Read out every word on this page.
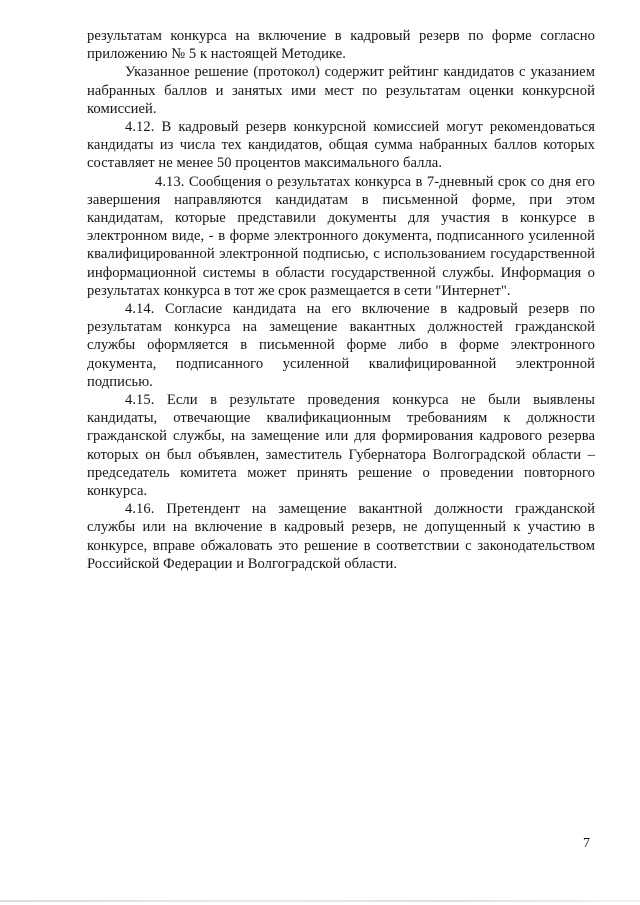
результатам конкурса на включение в кадровый резерв по форме согласно приложению № 5 к настоящей Методике.

Указанное решение (протокол) содержит рейтинг кандидатов с указанием набранных баллов и занятых ими мест по результатам оценки конкурсной комиссией.

4.12. В кадровый резерв конкурсной комиссией могут рекомендоваться кандидаты из числа тех кандидатов, общая сумма набранных баллов которых составляет не менее 50 процентов максимального балла.

4.13. Сообщения о результатах конкурса в 7-дневный срок со дня его завершения направляются кандидатам в письменной форме, при этом кандидатам, которые представили документы для участия в конкурсе в электронном виде, - в форме электронного документа, подписанного усиленной квалифицированной электронной подписью, с использованием государственной информационной системы в области государственной службы. Информация о результатах конкурса в тот же срок размещается в сети "Интернет".

4.14. Согласие кандидата на его включение в кадровый резерв по результатам конкурса на замещение вакантных должностей гражданской службы оформляется в письменной форме либо в форме электронного документа, подписанного усиленной квалифицированной электронной подписью.

4.15. Если в результате проведения конкурса не были выявлены кандидаты, отвечающие квалификационным требованиям к должности гражданской службы, на замещение или для формирования кадрового резерва которых он был объявлен, заместитель Губернатора Волгоградской области – председатель комитета может принять решение о проведении повторного конкурса.

4.16. Претендент на замещение вакантной должности гражданской службы или на включение в кадровый резерв, не допущенный к участию в конкурсе, вправе обжаловать это решение в соответствии с законодательством Российской Федерации и Волгоградской области.

7
